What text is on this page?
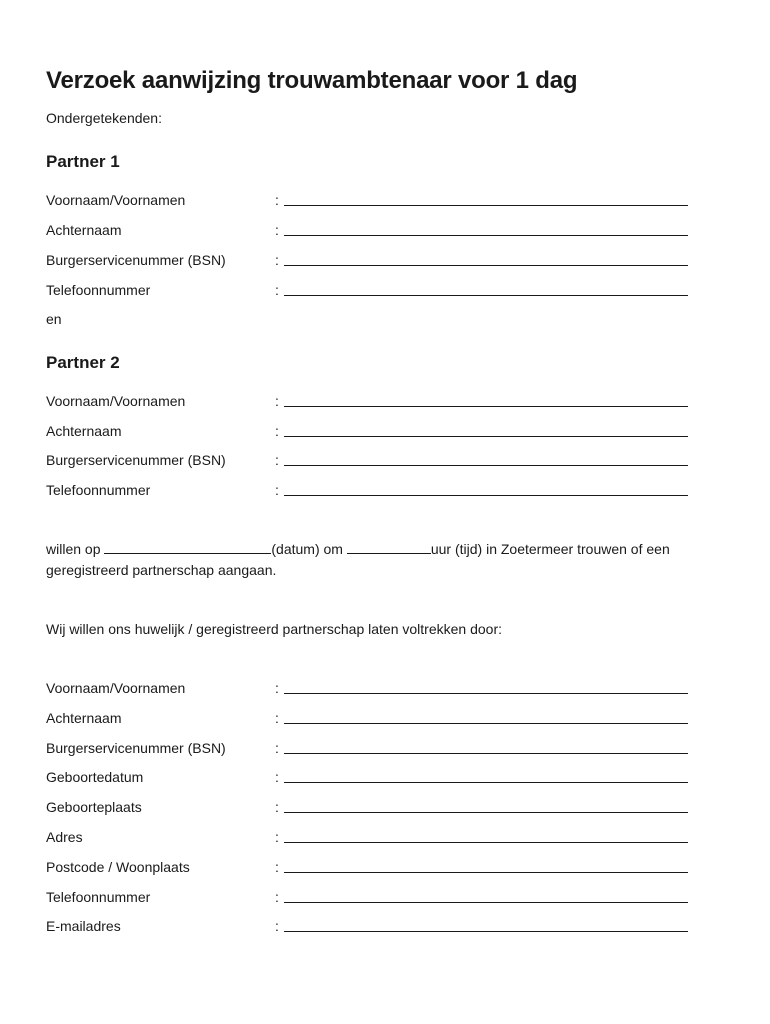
Verzoek aanwijzing trouwambtenaar voor 1 dag
Ondergetekenden:
Partner 1
Voornaam/Voornamen	:
Achternaam	:
Burgerservicenummer (BSN)	:
Telefoonnummer	:
en
Partner 2
Voornaam/Voornamen	:
Achternaam	:
Burgerservicenummer (BSN)	:
Telefoonnummer	:
willen op	(datum) om	uur (tijd) in Zoetermeer trouwen of een
geregistreerd partnerschap aangaan.
Wij willen ons huwelijk / geregistreerd partnerschap laten voltrekken door:
Voornaam/Voornamen	:
Achternaam	:
Burgerservicenummer (BSN)	:
Geboortedatum	:
Geboorteplaats	:
Adres	:
Postcode / Woonplaats	:
Telefoonnummer	:
E-mailadres	:
